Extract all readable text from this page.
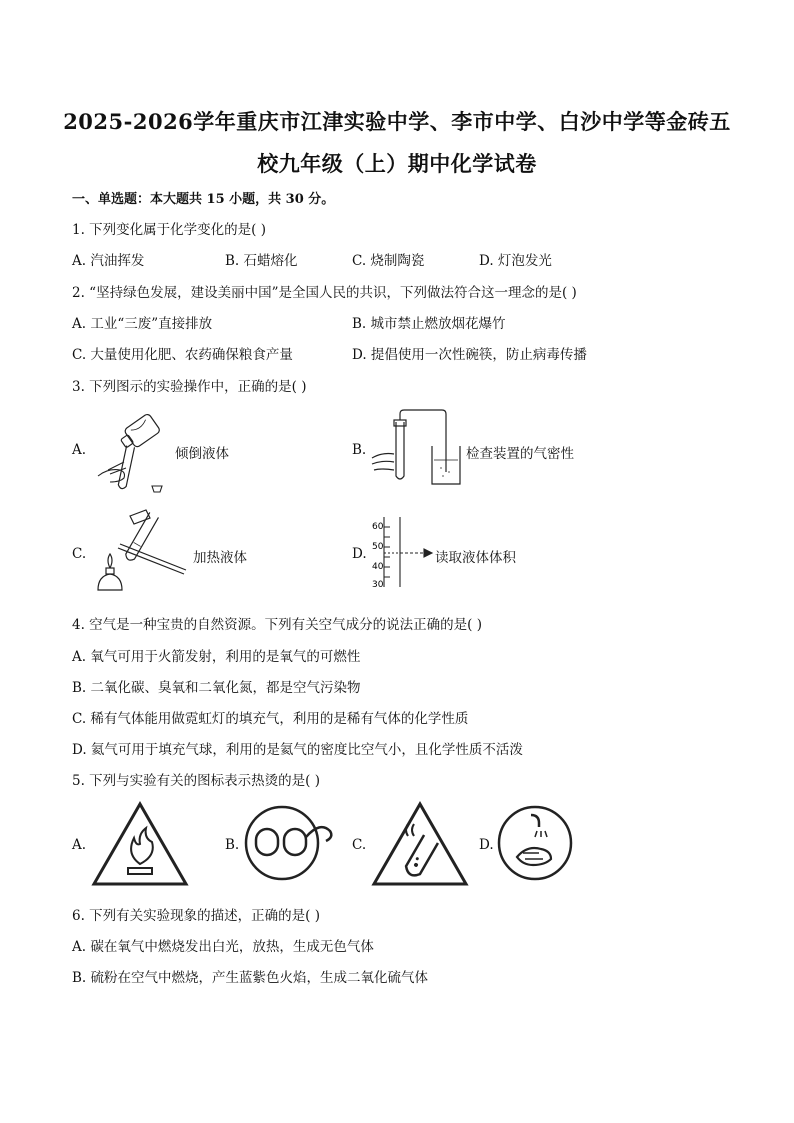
2025-2026学年重庆市江津实验中学、李市中学、白沙中学等金砖五
校九年级（上）期中化学试卷
一、单选题：本大题共 15 小题，共 30 分。
1. 下列变化属于化学变化的是( )
A. 汽油挥发	B. 石蜡熔化	C. 烧制陶瓷	D. 灯泡发光
2. “坚持绿色发展，建设美丽中国”是全国人民的共识，下列做法符合这一理念的是( )
A. 工业“三废”直接排放	B. 城市禁止燃放烟花爆竹
C. 大量使用化肥、农药确保粮食产量	D. 提倡使用一次性碗筷，防止病毒传播
3. 下列图示的实验操作中，正确的是( )
A.	倾倒液体	B.	检查装置的气密性
C.	加热液体	D.
60
50
40
30
读取液体体积
4. 空气是一种宝贵的自然资源。下列有关空气成分的说法正确的是( )
A. 氧气可用于火箭发射，利用的是氧气的可燃性
B. 二氧化碳、臭氧和二氧化氮，都是空气污染物
C. 稀有气体能用做霓虹灯的填充气，利用的是稀有气体的化学性质
D. 氦气可用于填充气球，利用的是氦气的密度比空气小，且化学性质不活泼
5. 下列与实验有关的图标表示热烫的是( )
A.	B.	C.	D.
6. 下列有关实验现象的描述，正确的是( )
A. 碳在氧气中燃烧发出白光，放热，生成无色气体
B. 硫粉在空气中燃烧，产生蓝紫色火焰，生成二氧化硫气体
